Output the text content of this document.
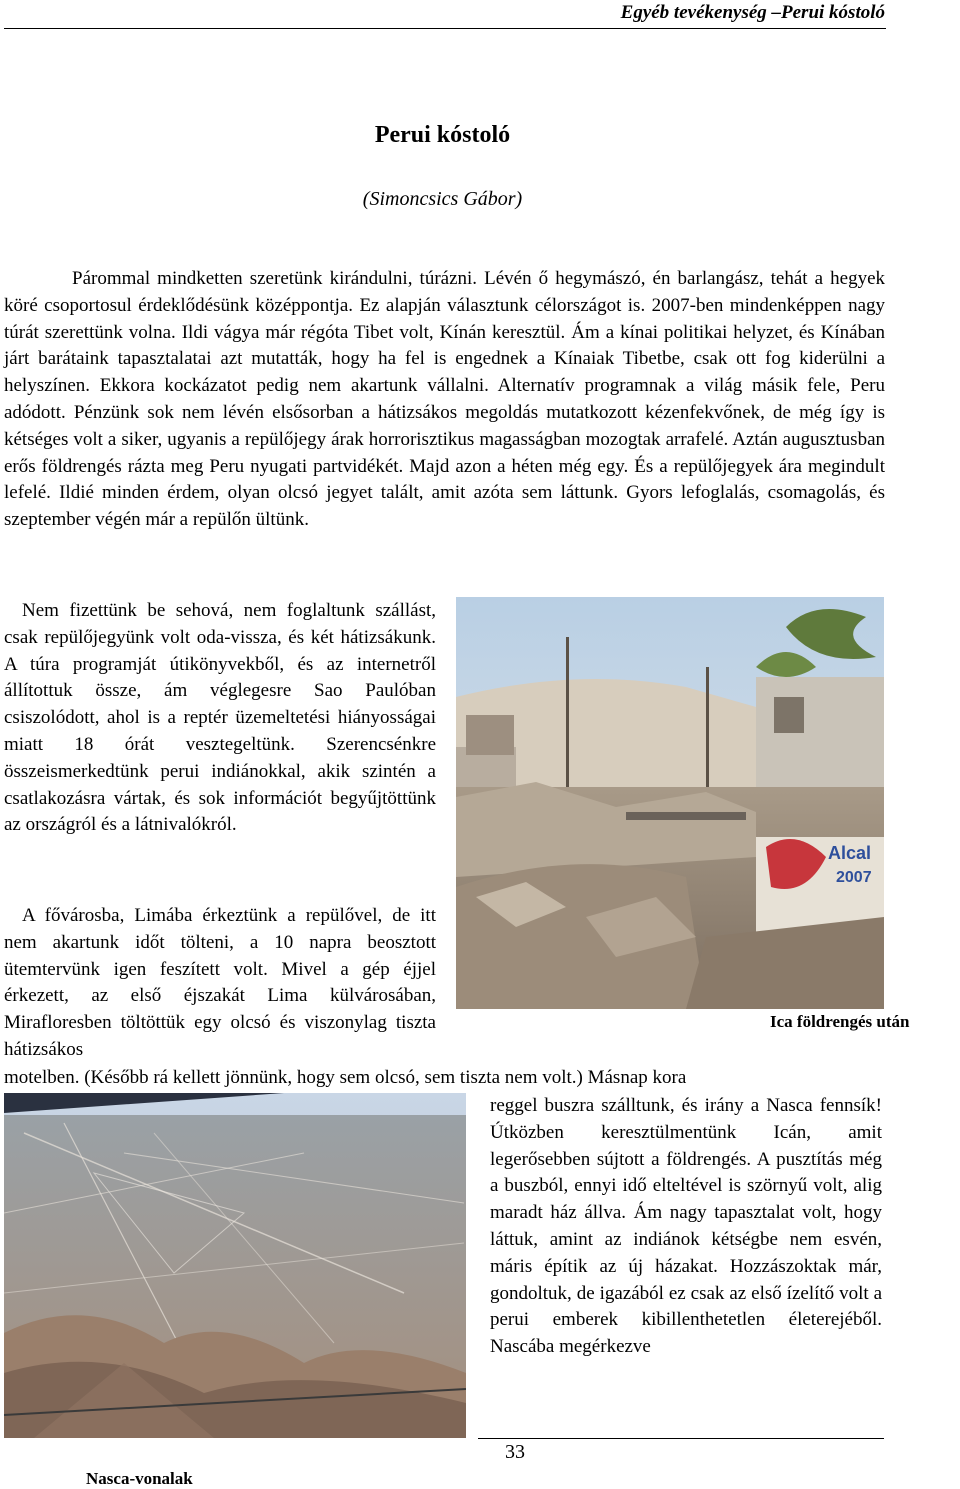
Egyéb tevékenység –Perui kóstoló
Perui kóstoló
(Simoncsics Gábor)
Párommal mindketten szeretünk kirándulni, túrázni. Lévén ő hegymászó, én barlangász, tehát a hegyek köré csoportosul érdeklődésünk középpontja. Ez alapján választunk célországot is. 2007-ben mindenképpen nagy túrát szerettünk volna. Ildi vágya már régóta Tibet volt, Kínán keresztül. Ám a kínai politikai helyzet, és Kínában járt barátaink tapasztalatai azt mutatták, hogy ha fel is engednek a Kínaiak Tibetbe, csak ott fog kiderülni a helyszínen. Ekkora kockázatot pedig nem akartunk vállalni. Alternatív programnak a világ másik fele, Peru adódott. Pénzünk sok nem lévén elsősorban a hátizsákos megoldás mutatkozott kézenfekvőnek, de még így is kétséges volt a siker, ugyanis a repülőjegy árak horrorisztikus magasságban mozogtak arrafelé. Aztán augusztusban erős földrengés rázta meg Peru nyugati partvidékét. Majd azon a héten még egy. És a repülőjegyek ára megindult lefelé. Ildié minden érdem, olyan olcsó jegyet talált, amit azóta sem láttunk. Gyors lefoglalás, csomagolás, és szeptember végén már a repülőn ültünk.
Nem fizettünk be sehová, nem foglaltunk szállást, csak repülőjegyünk volt oda-vissza, és két hátizsákunk. A túra programját útikönyvekből, és az internetről állítottuk össze, ám véglegesre Sao Paulóban csiszolódott, ahol is a reptér üzemeltetési hiányosságai miatt 18 órát vesztegeltünk. Szerencsénkre összeismerkedtünk perui indiánokkal, akik szintén a csatlakozásra vártak, és sok információt begyűjtöttünk az országról és a látnivalókról.
Alcal
2007
Ica földrengés után
A fővárosba, Limába érkeztünk a repülővel, de itt nem akartunk időt tölteni, a 10 napra beosztott ütemtervünk igen feszített volt. Mivel a gép éjjel érkezett, az első éjszakát Lima külvárosában, Mirafloresben töltöttük egy olcsó és viszonylag tiszta hátizsákos
motelben. (Később rá kellett jönnünk, hogy sem olcsó, sem tiszta nem volt.) Másnap kora
reggel buszra szálltunk, és irány a Nasca fennsík! Útközben keresztülmentünk Icán, amit legerősebben sújtott a földrengés. A pusztítás még a buszból, ennyi idő elteltével is szörnyű volt, alig maradt ház állva. Ám nagy tapasztalat volt, hogy láttuk, amint az indiánok kétségbe nem esvén, máris építik az új házakat. Hozzászoktak már, gondoltuk, de igazából ez csak az első ízelítő volt a perui emberek kibillenthetetlen életerejéből. Nascába megérkezve
33
Nasca-vonalak
